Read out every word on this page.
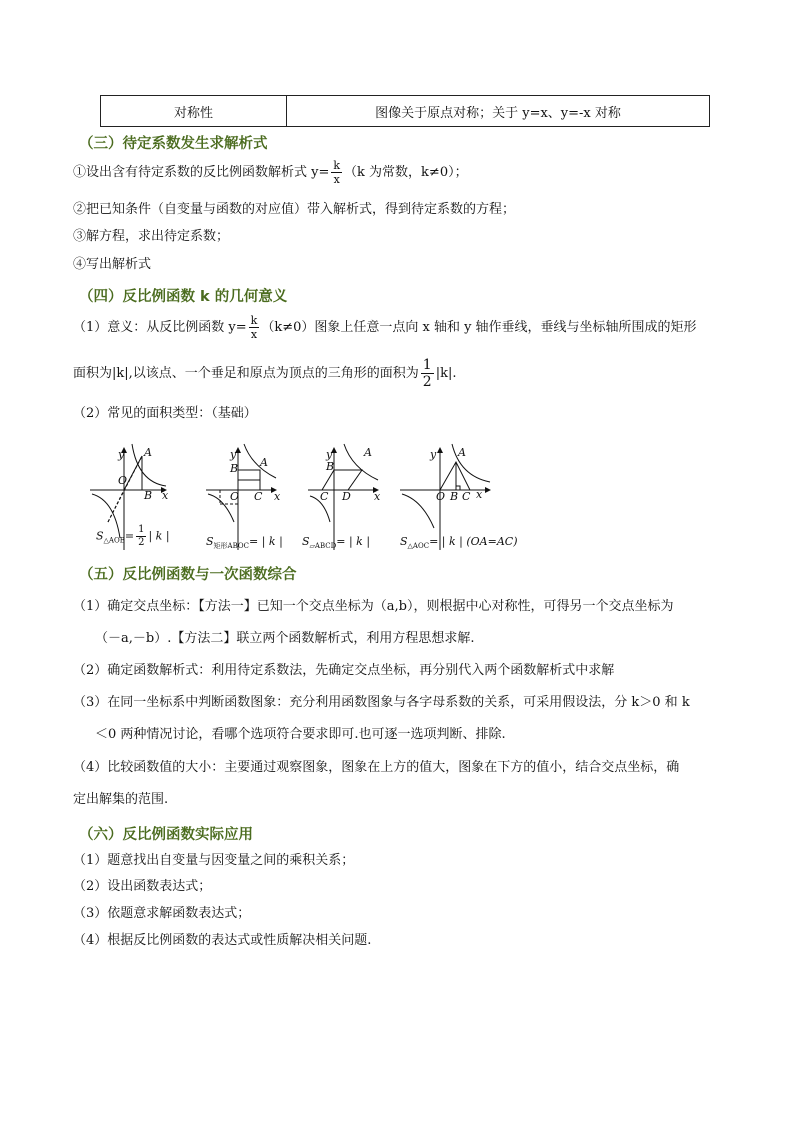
对称性	图像关于原点对称；关于 y=x、y=-x 对称
（三）待定系数发生求解析式
①设出含有待定系数的反比例函数解析式 $y= \frac{k}{x} (k$ 为常数，k≠0）；
②把已知条件（自变量与函数的对应值）带入解析式，得到待定系数的方程；
③解方程，求出待定系数；
④写出解析式
（四）反比例函数 k 的几何意义
（1）意义：从反比例函数 $y= \frac{k}{x} (k\ne 0)$图象上任意一点向 x 轴和 y 轴作垂线，垂线与坐标轴所围成的矩形
面积为|k|,以该点、一个垂足和原点为顶点的三角形的面积为 $\frac{1}{2} |k|$.
（2）常见的面积类型：（基础）
y A
O
B x
y
B A
O C x
y
B
A
C D x
y A
O B C x
$S_{\triangle AOB}= \frac{1}{2}$ | k |	$S_{矩形ABOC}=$ | k | $S_{▱ABCD}=$ | k |	$S_{\triangle AOC}=$ | k | (OA=AC)
（五）反比例函数与一次函数综合
（1）确定交点坐标：【方法一】已知一个交点坐标为（a,b），则根据中心对称性，可得另一个交点坐标为
（－a,－b）.【方法二】联立两个函数解析式，利用方程思想求解.
（2）确定函数解析式：利用待定系数法，先确定交点坐标，再分别代入两个函数解析式中求解
（3）在同一坐标系中判断函数图象：充分利用函数图象与各字母系数的关系，可采用假设法，分 k＞0 和 k
＜0 两种情况讨论，看哪个选项符合要求即可.也可逐一选项判断、排除.
（4）比较函数值的大小：主要通过观察图象，图象在上方的值大，图象在下方的值小，结合交点坐标，确
定出解集的范围.
（六）反比例函数实际应用
（1）题意找出自变量与因变量之间的乘积关系；
（2）设出函数表达式；
（3）依题意求解函数表达式；
（4）根据反比例函数的表达式或性质解决相关问题.
